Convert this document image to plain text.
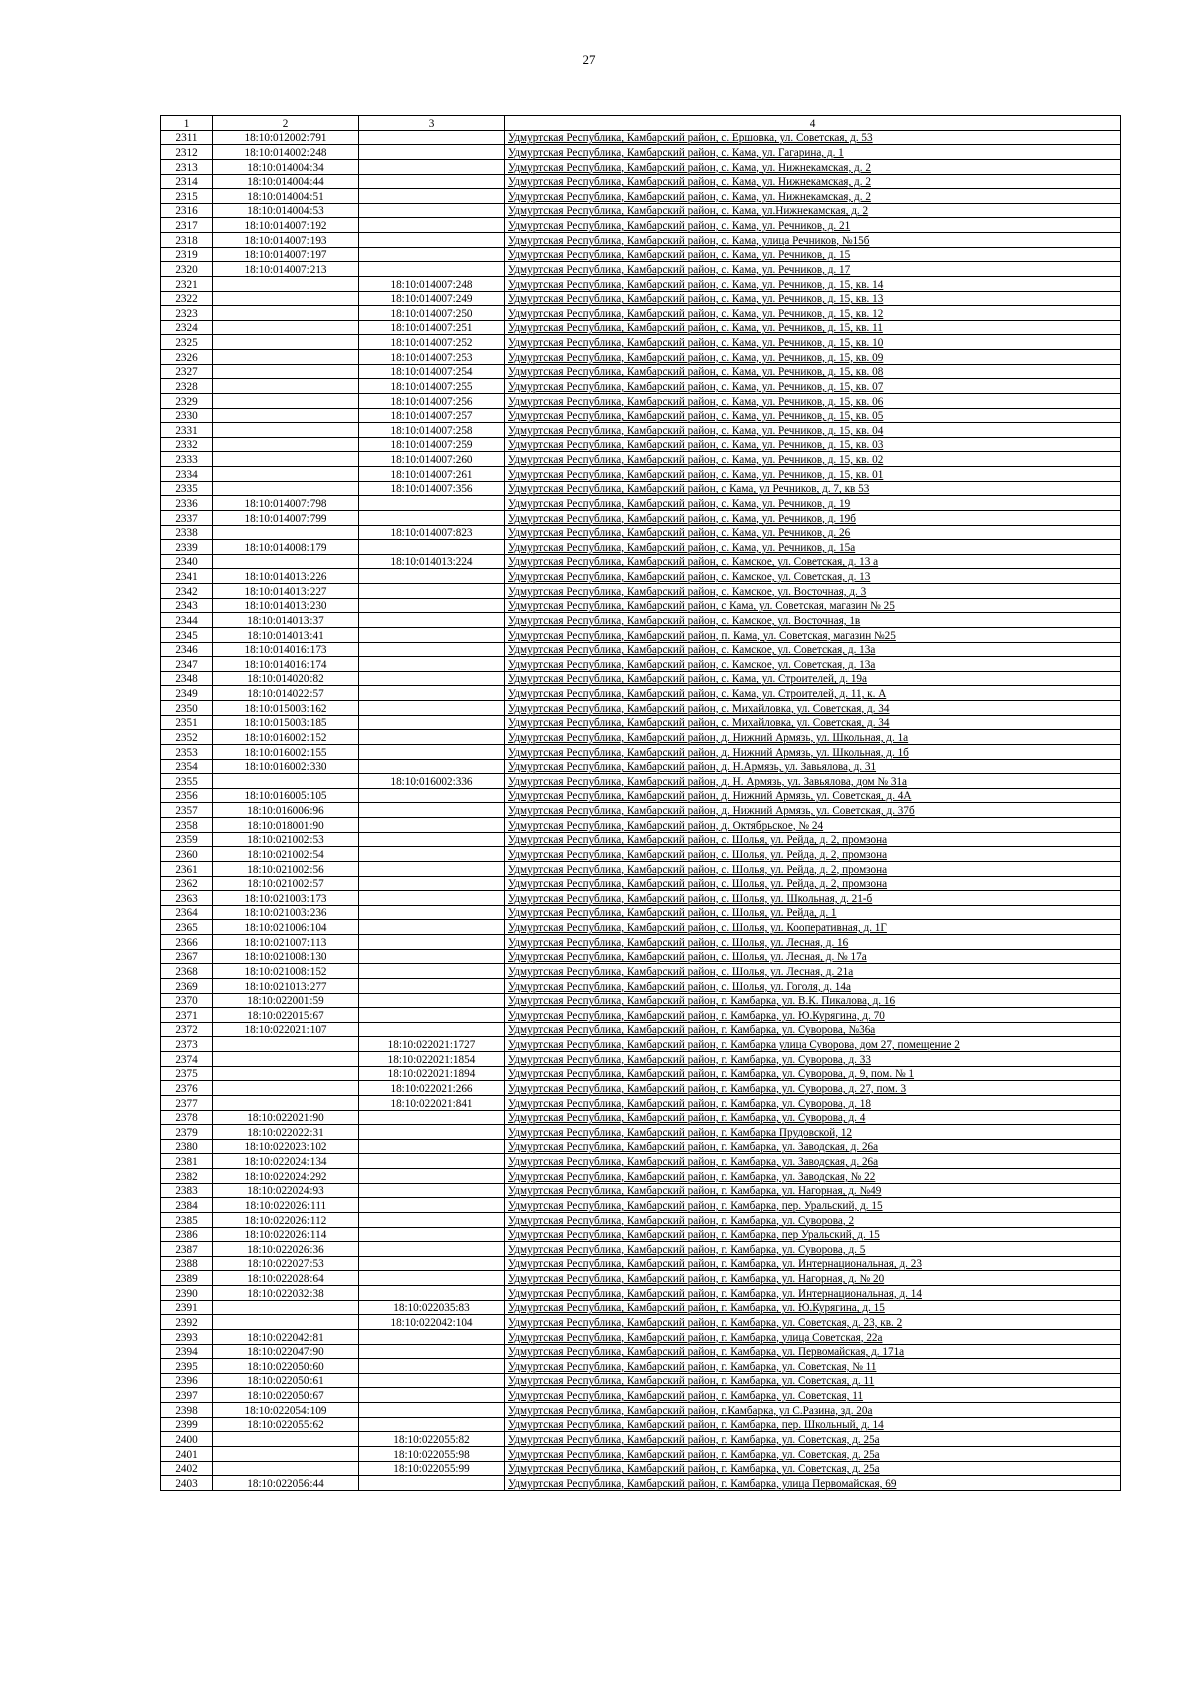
27
1	2	3	4
2311	18:10:012002:791		Удмуртская Республика, Камбарский район, с. Ершовка, ул. Советская, д. 53
2312	18:10:014002:248		Удмуртская Республика, Камбарский район, с. Кама, ул. Гагарина, д. 1
2313	18:10:014004:34		Удмуртская Республика, Камбарский район, с. Кама, ул. Нижнекамская, д. 2
2314	18:10:014004:44		Удмуртская Республика, Камбарский район, с. Кама, ул. Нижнекамская, д. 2
2315	18:10:014004:51		Удмуртская Республика, Камбарский район, с. Кама, ул. Нижнекамская, д. 2
2316	18:10:014004:53		Удмуртская Республика, Камбарский район, с. Кама, ул.Нижнекамская, д. 2
2317	18:10:014007:192		Удмуртская Республика, Камбарский район, с. Кама, ул. Речников, д. 21
2318	18:10:014007:193		Удмуртская Республика, Камбарский район, с. Кама, улица Речников, №15б
2319	18:10:014007:197		Удмуртская Республика, Камбарский район, с. Кама, ул. Речников, д. 15
2320	18:10:014007:213		Удмуртская Республика, Камбарский район, с. Кама, ул. Речников, д. 17
2321		18:10:014007:248	Удмуртская Республика, Камбарский район, с. Кама, ул. Речников, д. 15, кв. 14
2322		18:10:014007:249	Удмуртская Республика, Камбарский район, с. Кама, ул. Речников, д. 15, кв. 13
2323		18:10:014007:250	Удмуртская Республика, Камбарский район, с. Кама, ул. Речников, д. 15, кв. 12
2324		18:10:014007:251	Удмуртская Республика, Камбарский район, с. Кама, ул. Речников, д. 15, кв. 11
2325		18:10:014007:252	Удмуртская Республика, Камбарский район, с. Кама, ул. Речников, д. 15, кв. 10
2326		18:10:014007:253	Удмуртская Республика, Камбарский район, с. Кама, ул. Речников, д. 15, кв. 09
2327		18:10:014007:254	Удмуртская Республика, Камбарский район, с. Кама, ул. Речников, д. 15, кв. 08
2328		18:10:014007:255	Удмуртская Республика, Камбарский район, с. Кама, ул. Речников, д. 15, кв. 07
2329		18:10:014007:256	Удмуртская Республика, Камбарский район, с. Кама, ул. Речников, д. 15, кв. 06
2330		18:10:014007:257	Удмуртская Республика, Камбарский район, с. Кама, ул. Речников, д. 15, кв. 05
2331		18:10:014007:258	Удмуртская Республика, Камбарский район, с. Кама, ул. Речников, д. 15, кв. 04
2332		18:10:014007:259	Удмуртская Республика, Камбарский район, с. Кама, ул. Речников, д. 15, кв. 03
2333		18:10:014007:260	Удмуртская Республика, Камбарский район, с. Кама, ул. Речников, д. 15, кв. 02
2334		18:10:014007:261	Удмуртская Республика, Камбарский район, с. Кама, ул. Речников, д. 15, кв. 01
2335		18:10:014007:356	Удмуртская Республика, Камбарский район, с Кама, ул Речников, д. 7, кв 53
2336	18:10:014007:798		Удмуртская Республика, Камбарский район, с. Кама, ул. Речников, д. 19
2337	18:10:014007:799		Удмуртская Республика, Камбарский район, с. Кама, ул. Речников, д. 19б
2338		18:10:014007:823	Удмуртская Республика, Камбарский район, с. Кама, ул. Речников, д. 26
2339	18:10:014008:179		Удмуртская Республика, Камбарский район, с. Кама, ул. Речников, д. 15а
2340		18:10:014013:224	Удмуртская Республика, Камбарский район, с. Камское, ул. Советская, д. 13 а
2341	18:10:014013:226		Удмуртская Республика, Камбарский район, с. Камское, ул. Советская, д. 13
2342	18:10:014013:227		Удмуртская Республика, Камбарский район, с. Камское, ул. Восточная, д. 3
2343	18:10:014013:230		Удмуртская Республика, Камбарский район, с Кама, ул. Советская, магазин № 25
2344	18:10:014013:37		Удмуртская Республика, Камбарский район, с. Камское, ул. Восточная, 1в
2345	18:10:014013:41		Удмуртская Республика, Камбарский район, п. Кама, ул. Советская, магазин №25
2346	18:10:014016:173		Удмуртская Республика, Камбарский район, с. Камское, ул. Советская, д. 13а
2347	18:10:014016:174		Удмуртская Республика, Камбарский район, с. Камское, ул. Советская, д. 13а
2348	18:10:014020:82		Удмуртская Республика, Камбарский район, с. Кама, ул. Строителей, д. 19а
2349	18:10:014022:57		Удмуртская Республика, Камбарский район, с. Кама, ул. Строителей, д. 11, к. А
2350	18:10:015003:162		Удмуртская Республика, Камбарский район, с. Михайловка, ул. Советская, д. 34
2351	18:10:015003:185		Удмуртская Республика, Камбарский район, с. Михайловка, ул. Советская, д. 34
2352	18:10:016002:152		Удмуртская Республика, Камбарский район, д. Нижний Армязь, ул. Школьная, д. 1а
2353	18:10:016002:155		Удмуртская Республика, Камбарский район, д. Нижний Армязь, ул. Школьная, д. 1б
2354	18:10:016002:330		Удмуртская Республика, Камбарский район, д. Н.Армязь, ул. Завьялова, д. 31
2355		18:10:016002:336	Удмуртская Республика, Камбарский район, д. Н. Армязь, ул. Завьялова, дом № 31а
2356	18:10:016005:105		Удмуртская Республика, Камбарский район, д. Нижний Армязь, ул. Советская, д. 4А
2357	18:10:016006:96		Удмуртская Республика, Камбарский район, д. Нижний Армязь, ул. Советская, д. 37б
2358	18:10:018001:90		Удмуртская Республика, Камбарский район, д. Октябрьское, № 24
2359	18:10:021002:53		Удмуртская Республика, Камбарский район, с. Шолья, ул. Рейда, д. 2, промзона
2360	18:10:021002:54		Удмуртская Республика, Камбарский район, с. Шолья, ул. Рейда, д. 2, промзона
2361	18:10:021002:56		Удмуртская Республика, Камбарский район, с. Шолья, ул. Рейда, д. 2, промзона
2362	18:10:021002:57		Удмуртская Республика, Камбарский район, с. Шолья, ул. Рейда, д. 2, промзона
2363	18:10:021003:173		Удмуртская Республика, Камбарский район, с. Шолья, ул. Школьная, д. 21-б
2364	18:10:021003:236		Удмуртская Республика, Камбарский район, с. Шолья, ул. Рейда, д. 1
2365	18:10:021006:104		Удмуртская Республика, Камбарский район, с. Шолья, ул. Кооперативная, д. 1Г
2366	18:10:021007:113		Удмуртская Республика, Камбарский район, с. Шолья, ул. Лесная, д. 16
2367	18:10:021008:130		Удмуртская Республика, Камбарский район, с. Шолья, ул. Лесная, д. № 17а
2368	18:10:021008:152		Удмуртская Республика, Камбарский район, с. Шолья, ул. Лесная, д. 21а
2369	18:10:021013:277		Удмуртская Республика, Камбарский район, с. Шолья, ул. Гоголя, д. 14а
2370	18:10:022001:59		Удмуртская Республика, Камбарский район, г. Камбарка, ул. В.К. Пикалова, д. 16
2371	18:10:022015:67		Удмуртская Республика, Камбарский район, г. Камбарка, ул. Ю.Курягина, д. 70
2372	18:10:022021:107		Удмуртская Республика, Камбарский район, г. Камбарка, ул. Суворова, №36а
2373		18:10:022021:1727	Удмуртская Республика, Камбарский район, г. Камбарка улица Суворова, дом 27, помещение 2
2374		18:10:022021:1854	Удмуртская Республика, Камбарский район, г. Камбарка, ул. Суворова, д. 33
2375		18:10:022021:1894	Удмуртская Республика, Камбарский район, г. Камбарка, ул. Суворова, д. 9, пом. № 1
2376		18:10:022021:266	Удмуртская Республика, Камбарский район, г. Камбарка, ул. Суворова, д. 27, пом. 3
2377		18:10:022021:841	Удмуртская Республика, Камбарский район, г. Камбарка, ул. Суворова, д. 18
2378	18:10:022021:90		Удмуртская Республика, Камбарский район, г. Камбарка, ул. Суворова, д. 4
2379	18:10:022022:31		Удмуртская Республика, Камбарский район, г. Камбарка Прудовской, 12
2380	18:10:022023:102		Удмуртская Республика, Камбарский район, г. Камбарка, ул. Заводская, д. 26а
2381	18:10:022024:134		Удмуртская Республика, Камбарский район, г. Камбарка, ул. Заводская, д. 26а
2382	18:10:022024:292		Удмуртская Республика, Камбарский район, г. Камбарка, ул. Заводская, № 22
2383	18:10:022024:93		Удмуртская Республика, Камбарский район, г. Камбарка, ул. Нагорная, д. №49
2384	18:10:022026:111		Удмуртская Республика, Камбарский район, г. Камбарка, пер. Уральский, д. 15
2385	18:10:022026:112		Удмуртская Республика, Камбарский район, г. Камбарка, ул. Суворова, 2
2386	18:10:022026:114		Удмуртская Республика, Камбарский район, г. Камбарка, пер Уральский, д. 15
2387	18:10:022026:36		Удмуртская Республика, Камбарский район, г. Камбарка, ул. Суворова, д. 5
2388	18:10:022027:53		Удмуртская Республика, Камбарский район, г. Камбарка, ул. Интернациональная, д. 23
2389	18:10:022028:64		Удмуртская Республика, Камбарский район, г. Камбарка, ул. Нагорная, д. № 20
2390	18:10:022032:38		Удмуртская Республика, Камбарский район, г. Камбарка, ул. Интернациональная, д. 14
2391		18:10:022035:83	Удмуртская Республика, Камбарский район, г. Камбарка, ул. Ю.Курягина, д. 15
2392		18:10:022042:104	Удмуртская Республика, Камбарский район, г. Камбарка, ул. Советская, д. 23, кв. 2
2393	18:10:022042:81		Удмуртская Республика, Камбарский район, г. Камбарка, улица Советская, 22а
2394	18:10:022047:90		Удмуртская Республика, Камбарский район, г. Камбарка, ул. Первомайская, д. 171а
2395	18:10:022050:60		Удмуртская Республика, Камбарский район, г. Камбарка, ул. Советская, № 11
2396	18:10:022050:61		Удмуртская Республика, Камбарский район, г. Камбарка, ул. Советская, д. 11
2397	18:10:022050:67		Удмуртская Республика, Камбарский район, г. Камбарка, ул. Советская, 11
2398	18:10:022054:109		Удмуртская Республика, Камбарский район, г.Камбарка, ул С.Разина, зд. 20а
2399	18:10:022055:62		Удмуртская Республика, Камбарский район, г. Камбарка, пер. Школьный, д. 14
2400		18:10:022055:82	Удмуртская Республика, Камбарский район, г. Камбарка, ул. Советская, д. 25а
2401		18:10:022055:98	Удмуртская Республика, Камбарский район, г. Камбарка, ул. Советская, д. 25а
2402		18:10:022055:99	Удмуртская Республика, Камбарский район, г. Камбарка, ул. Советская, д. 25а
2403	18:10:022056:44		Удмуртская Республика, Камбарский район, г. Камбарка, улица Первомайская, 69
